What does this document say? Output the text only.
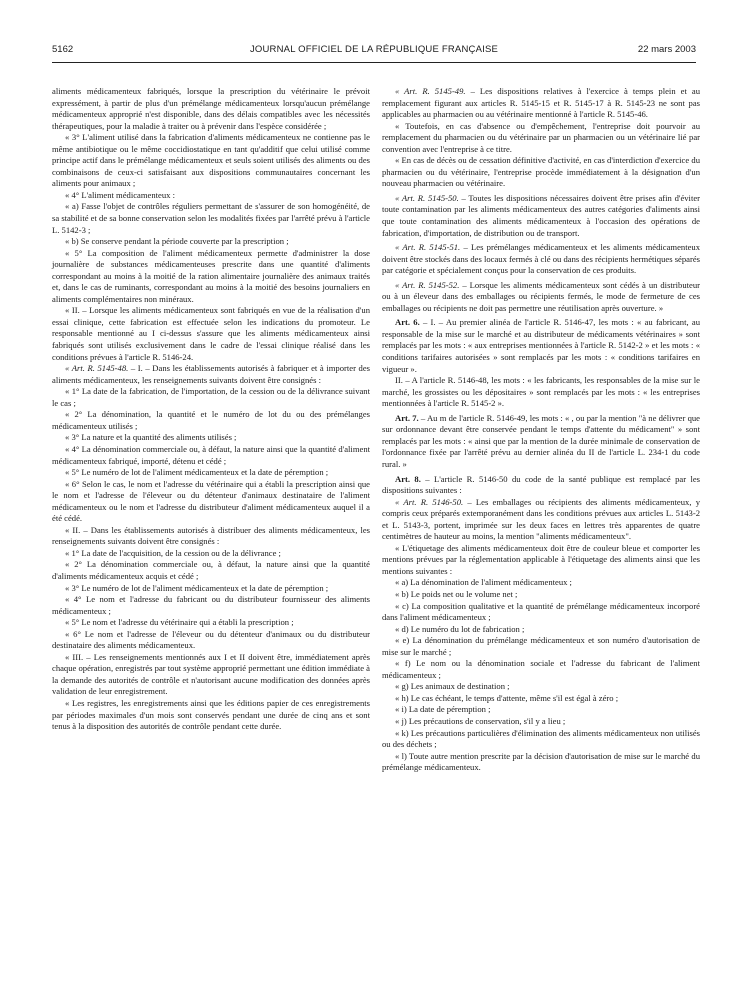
5162	JOURNAL OFFICIEL DE LA RÉPUBLIQUE FRANÇAISE	22 mars 2003

aliments médicamenteux fabriqués, lorsque la prescription du vétérinaire le prévoit expressément, à partir de plus d'un prémélange médicamenteux lorsqu'aucun prémélange médicamenteux approprié n'est disponible, dans des délais compatibles avec les nécessités thérapeutiques, pour la maladie à traiter ou à prévenir dans l'espèce considérée ;

« 3° L'aliment utilisé dans la fabrication d'aliments médicamenteux ne contienne pas le même antibiotique ou le même coccidiostatique en tant qu'additif que celui utilisé comme principe actif dans le prémélange médicamenteux et seuls soient utilisés des aliments ou des combinaisons de ceux-ci satisfaisant aux dispositions communautaires concernant les aliments pour animaux ;

« 4° L'aliment médicamenteux :

« a) Fasse l'objet de contrôles réguliers permettant de s'assurer de son homogénéité, de sa stabilité et de sa bonne conservation selon les modalités fixées par l'arrêté prévu à l'article L. 5142-3 ;

« b) Se conserve pendant la période couverte par la prescription ;

« 5° La composition de l'aliment médicamenteux permette d'administrer la dose journalière de substances médicamenteuses prescrite dans une quantité d'aliments correspondant au moins à la moitié de la ration alimentaire journalière des animaux traités et, dans le cas de ruminants, correspondant au moins à la moitié des besoins journaliers en aliments complémentaires non minéraux.

« II. – Lorsque les aliments médicamenteux sont fabriqués en vue de la réalisation d'un essai clinique, cette fabrication est effectuée selon les indications du promoteur. Le responsable mentionné au I ci-dessus s'assure que les aliments médicamenteux ainsi fabriqués sont utilisés exclusivement dans le cadre de l'essai clinique réalisé dans les conditions prévues à l'article R. 5146-24.

« Art. R. 5145-48. – I. – Dans les établissements autorisés à fabriquer et à importer des aliments médicamenteux, les renseignements suivants doivent être consignés :

« 1° La date de la fabrication, de l'importation, de la cession ou de la délivrance suivant le cas ;

« 2° La dénomination, la quantité et le numéro de lot du ou des prémélanges médicamenteux utilisés ;

« 3° La nature et la quantité des aliments utilisés ;

« 4° La dénomination commerciale ou, à défaut, la nature ainsi que la quantité d'aliment médicamenteux fabriqué, importé, détenu et cédé ;

« 5° Le numéro de lot de l'aliment médicamenteux et la date de péremption ;

« 6° Selon le cas, le nom et l'adresse du vétérinaire qui a établi la prescription ainsi que le nom et l'adresse de l'éleveur ou du détenteur d'animaux destinataire de l'aliment médicamenteux ou le nom et l'adresse du distributeur d'aliment médicamenteux auquel il a été cédé.

« II. – Dans les établissements autorisés à distribuer des aliments médicamenteux, les renseignements suivants doivent être consignés :

« 1° La date de l'acquisition, de la cession ou de la délivrance ;

« 2° La dénomination commerciale ou, à défaut, la nature ainsi que la quantité d'aliments médicamenteux acquis et cédé ;

« 3° Le numéro de lot de l'aliment médicamenteux et la date de péremption ;

« 4° Le nom et l'adresse du fabricant ou du distributeur fournisseur des aliments médicamenteux ;

« 5° Le nom et l'adresse du vétérinaire qui a établi la prescription ;

« 6° Le nom et l'adresse de l'éleveur ou du détenteur d'animaux ou du distributeur destinataire des aliments médicamenteux.

« III. – Les renseignements mentionnés aux I et II doivent être, immédiatement après chaque opération, enregistrés par tout système approprié permettant une édition immédiate à la demande des autorités de contrôle et n'autorisant aucune modification des données après validation de leur enregistrement.

« Les registres, les enregistrements ainsi que les éditions papier de ces enregistrements par périodes maximales d'un mois sont conservés pendant une durée de cinq ans et sont tenus à la disposition des autorités de contrôle pendant cette durée.

« Art. R. 5145-49. – Les dispositions relatives à l'exercice à temps plein et au remplacement figurant aux articles R. 5145-15 et R. 5145-17 à R. 5145-23 ne sont pas applicables au pharmacien ou au vétérinaire mentionné à l'article R. 5145-46.

« Toutefois, en cas d'absence ou d'empêchement, l'entreprise doit pourvoir au remplacement du pharmacien ou du vétérinaire par un pharmacien ou un vétérinaire lié par convention avec l'entreprise à ce titre.

« En cas de décès ou de cessation définitive d'activité, en cas d'interdiction d'exercice du pharmacien ou du vétérinaire, l'entreprise procède immédiatement à la désignation d'un nouveau pharmacien ou vétérinaire.

« Art. R. 5145-50. – Toutes les dispositions nécessaires doivent être prises afin d'éviter toute contamination par les aliments médicamenteux des autres catégories d'aliments ainsi que toute contamination des aliments médicamenteux à l'occasion des opérations de fabrication, d'importation, de distribution ou de transport.

« Art. R. 5145-51. – Les prémélanges médicamenteux et les aliments médicamenteux doivent être stockés dans des locaux fermés à clé ou dans des récipients hermétiques séparés par catégorie et spécialement conçus pour la conservation de ces produits.

« Art. R. 5145-52. – Lorsque les aliments médicamenteux sont cédés à un distributeur ou à un éleveur dans des emballages ou récipients fermés, le mode de fermeture de ces emballages ou récipients ne doit pas permettre une réutilisation après ouverture. »

Art. 6. – I. – Au premier alinéa de l'article R. 5146-47, les mots : « au fabricant, au responsable de la mise sur le marché et au distributeur de médicaments vétérinaires » sont remplacés par les mots : « aux entreprises mentionnées à l'article R. 5142-2 » et les mots : « conditions tarifaires autorisées » sont remplacés par les mots : « conditions tarifaires en vigueur ».

II. – A l'article R. 5146-48, les mots : « les fabricants, les responsables de la mise sur le marché, les grossistes ou les dépositaires » sont remplacés par les mots : « les entreprises mentionnées à l'article R. 5145-2 ».

Art. 7. – Au m de l'article R. 5146-49, les mots : « , ou par la mention "à ne délivrer que sur ordonnance devant être conservée pendant le temps d'attente du médicament" » sont remplacés par les mots : « ainsi que par la mention de la durée minimale de conservation de l'ordonnance fixée par l'arrêté prévu au dernier alinéa du II de l'article L. 234-1 du code rural. »

Art. 8. – L'article R. 5146-50 du code de la santé publique est remplacé par les dispositions suivantes :

« Art. R. 5146-50. – Les emballages ou récipients des aliments médicamenteux, y compris ceux préparés extemporanément dans les conditions prévues aux articles L. 5143-2 et L. 5143-3, portent, imprimée sur les deux faces en lettres très apparentes de quatre centimètres de hauteur au moins, la mention "aliments médicamenteux".

« L'étiquetage des aliments médicamenteux doit être de couleur bleue et comporter les mentions prévues par la réglementation applicable à l'étiquetage des aliments ainsi que les mentions suivantes :

« a) La dénomination de l'aliment médicamenteux ;

« b) Le poids net ou le volume net ;

« c) La composition qualitative et la quantité de prémélange médicamenteux incorporé dans l'aliment médicamenteux ;

« d) Le numéro du lot de fabrication ;

« e) La dénomination du prémélange médicamenteux et son numéro d'autorisation de mise sur le marché ;

« f) Le nom ou la dénomination sociale et l'adresse du fabricant de l'aliment médicamenteux ;

« g) Les animaux de destination ;

« h) Le cas échéant, le temps d'attente, même s'il est égal à zéro ;

« i) La date de péremption ;

« j) Les précautions de conservation, s'il y a lieu ;

« k) Les précautions particulières d'élimination des aliments médicamenteux non utilisés ou des déchets ;

« l) Toute autre mention prescrite par la décision d'autorisation de mise sur le marché du prémélange médicamenteux.
